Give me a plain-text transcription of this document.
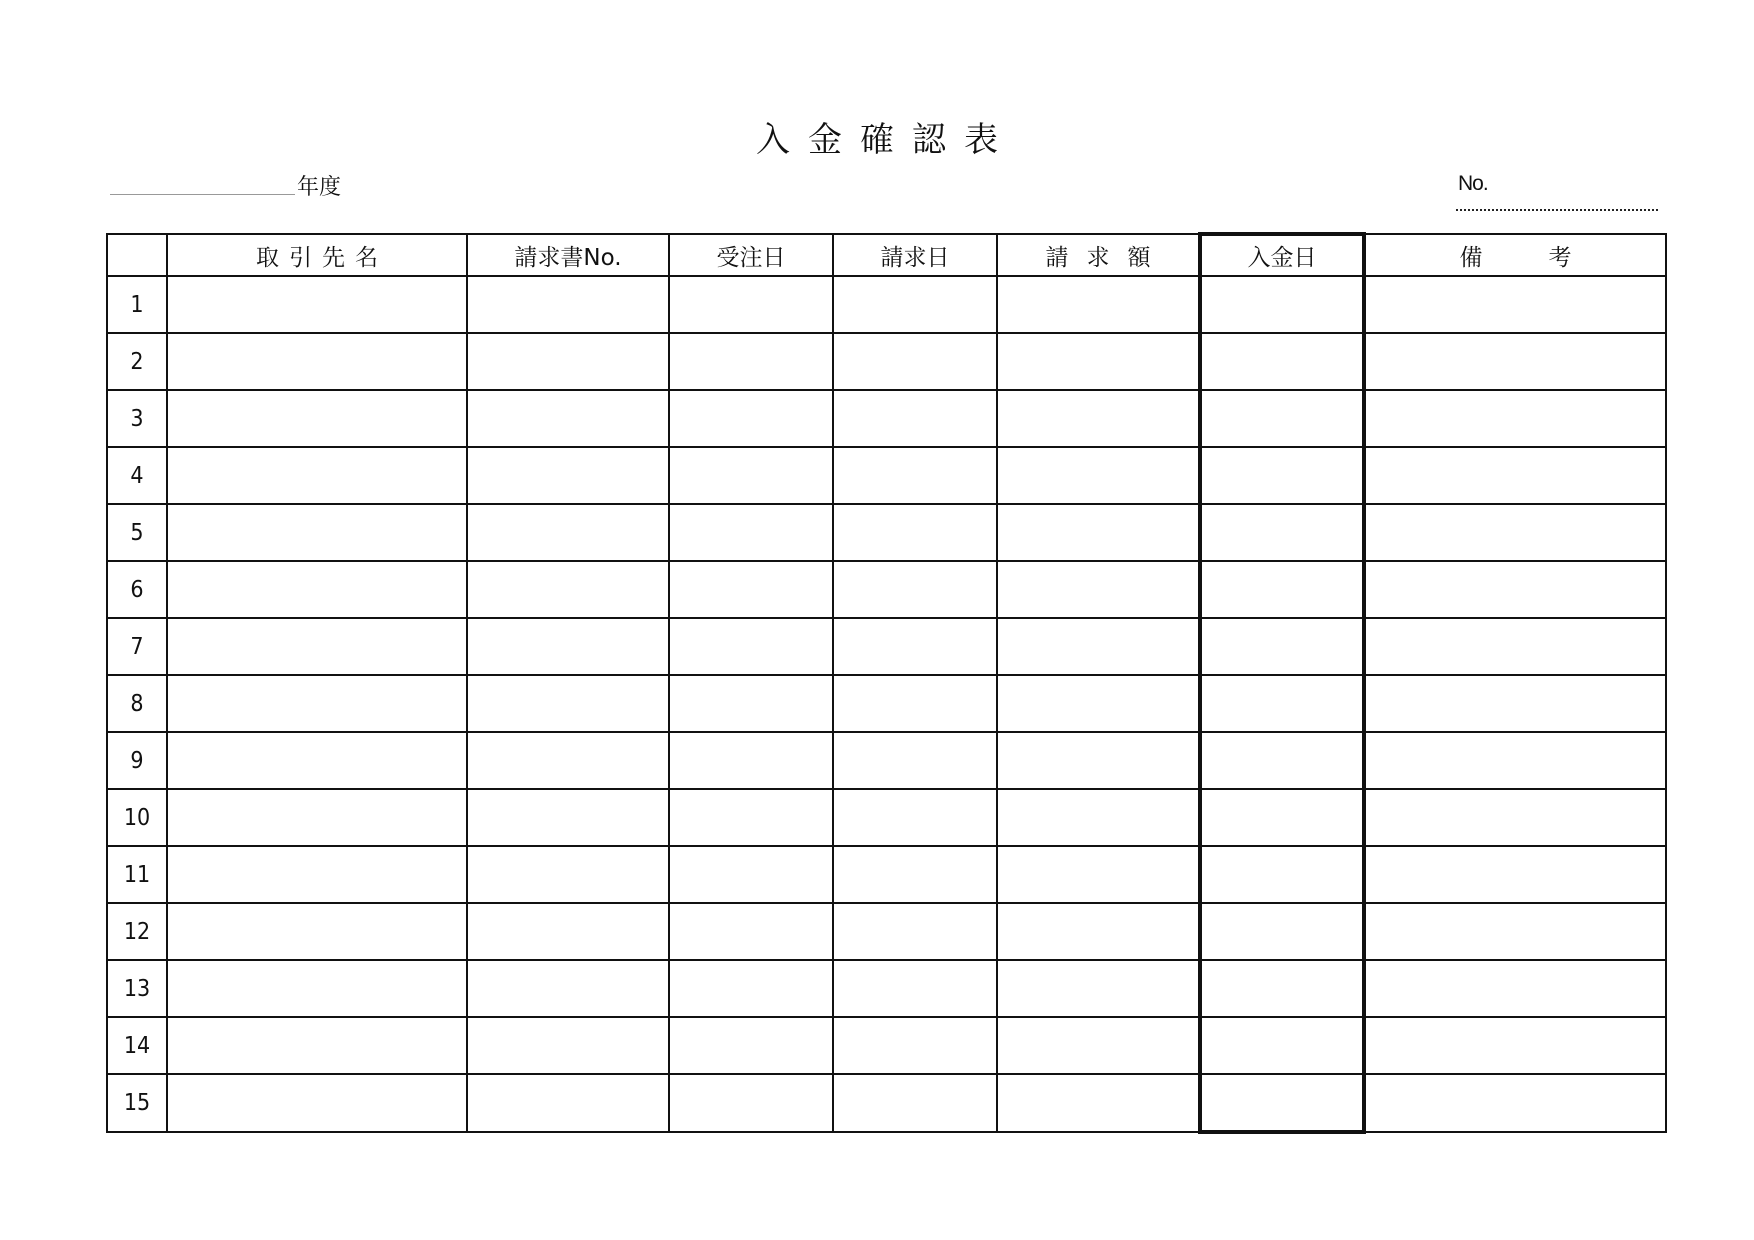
入金確認表
年度	No.
	取引先名	請求書No.	受注日	請求日	請求額	入金日	備考
1							
2							
3							
4							
5							
6							
7							
8							
9							
10							
11							
12							
13							
14							
15							
